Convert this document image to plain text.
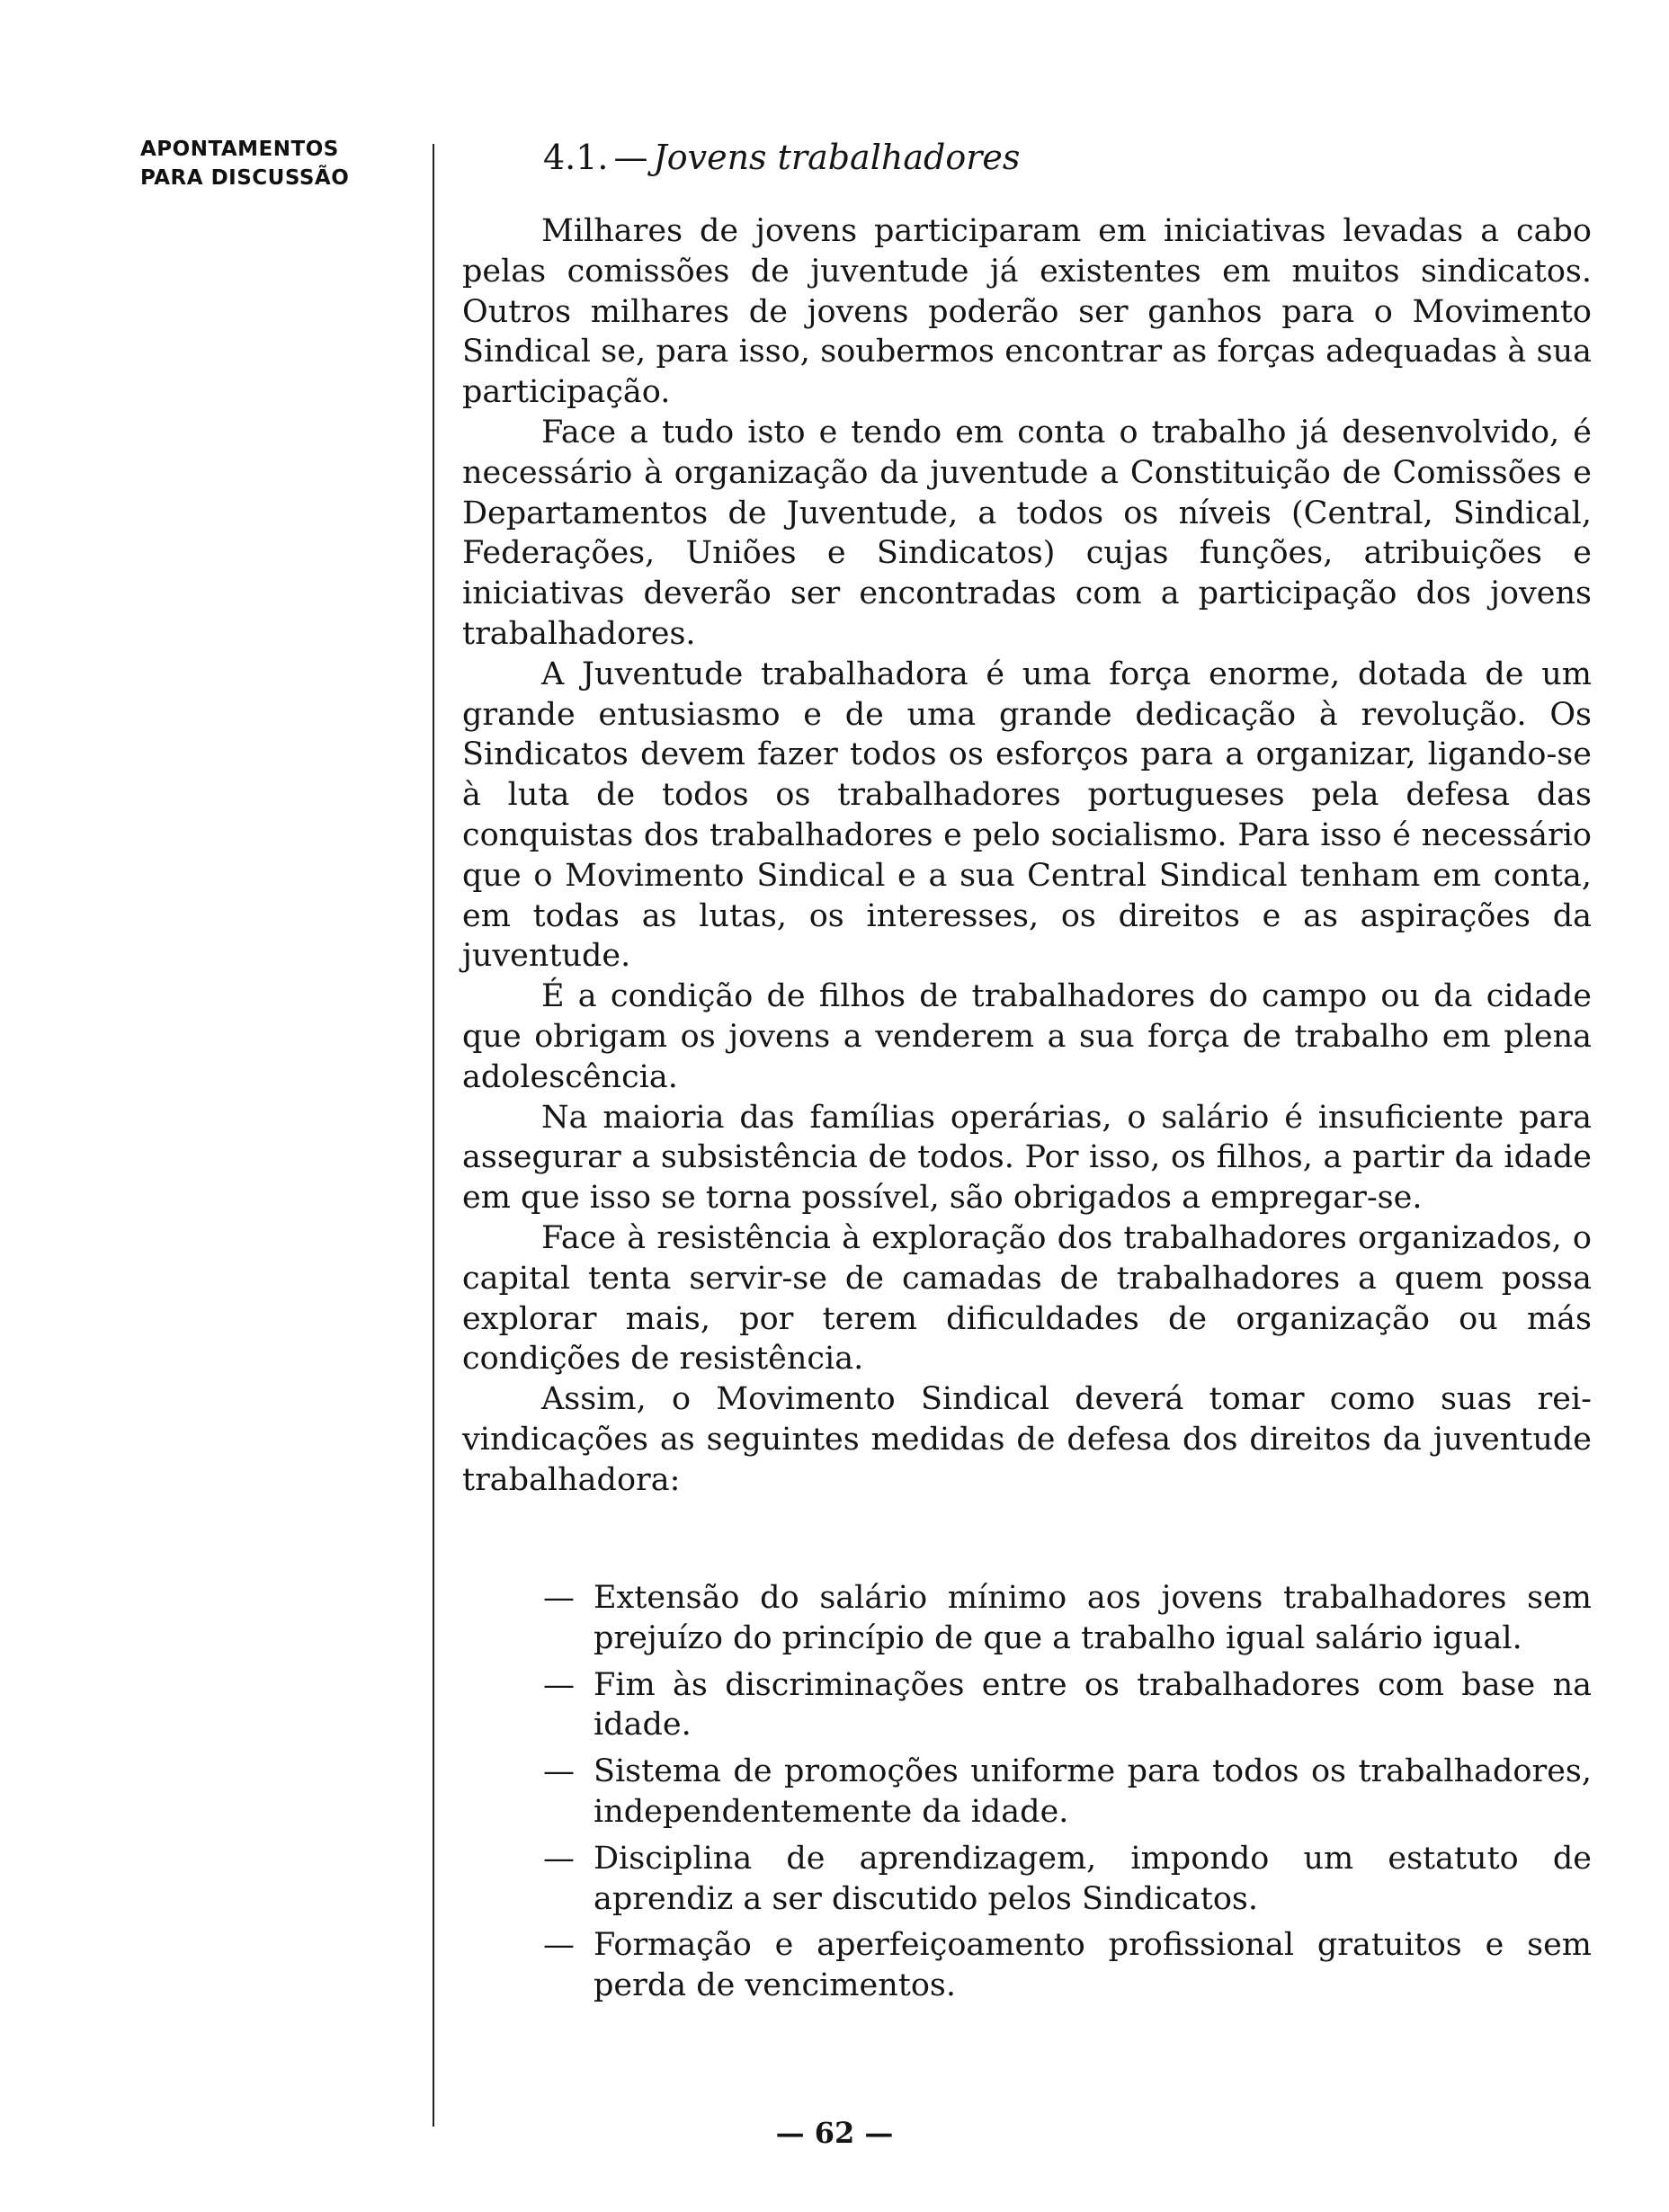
APONTAMENTOS
PARA DISCUSSÃO
4.1. — Jovens trabalhadores

Milhares de jovens participaram em iniciativas levadas a cabo pelas comissões de juventude já existentes em muitos sindicatos. Outros milhares de jovens poderão ser ganhos para o Movimento Sindical se, para isso, soubermos encontrar as forças adequadas à sua participação.

Face a tudo isto e tendo em conta o trabalho já desenvolvido, é necessário à organização da juventude a Constituição de Comissões e Departamentos de Juventude, a todos os níveis (Central, Sindical, Federações, Uniões e Sindicatos) cujas funções, atribuições e iniciativas deverão ser encontradas com a participação dos jovens trabalhadores.

A Juventude trabalhadora é uma força enorme, dotada de um grande entusiasmo e de uma grande dedicação à revolução. Os Sindicatos devem fazer todos os esforços para a organizar, ligando-se à luta de todos os trabalhadores portugueses pela defesa das conquistas dos trabalhadores e pelo socialismo. Para isso é necessário que o Movimento Sindical e a sua Central Sindical tenham em conta, em todas as lutas, os interesses, os direitos e as aspirações da juventude.

É a condição de filhos de trabalhadores do campo ou da cidade que obrigam os jovens a venderem a sua força de trabalho em plena adolescência.

Na maioria das famílias operárias, o salário é insuficiente para assegurar a subsistência de todos. Por isso, os filhos, a partir da idade em que isso se torna possível, são obrigados a empregar-se.

Face à resistência à exploração dos trabalhadores organizados, o capital tenta servir-se de camadas de trabalhadores a quem possa explorar mais, por terem dificuldades de organização ou más condições de resistência.

Assim, o Movimento Sindical deverá tomar como suas reivindicações as seguintes medidas de defesa dos direitos da juventude trabalhadora:

— Extensão do salário mínimo aos jovens trabalhadores sem prejuízo do princípio de que a trabalho igual salário igual.
— Fim às discriminações entre os trabalhadores com base na idade.
— Sistema de promoções uniforme para todos os trabalhadores, independentemente da idade.
— Disciplina de aprendizagem, impondo um estatuto de aprendiz a ser discutido pelos Sindicatos.
— Formação e aperfeiçoamento profissional gratuitos e sem perda de vencimentos.
— 62 —
